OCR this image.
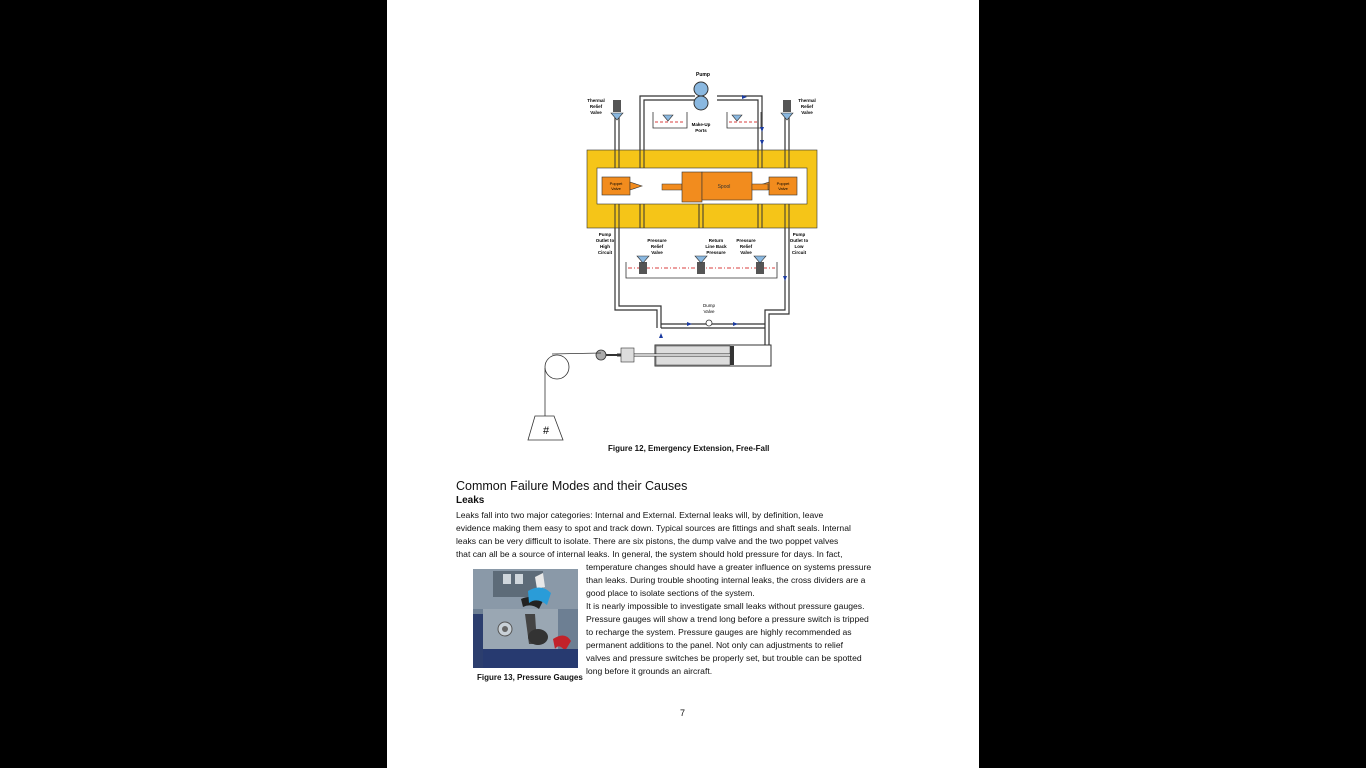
Pump
Make-Up
Ports
Thermal
Relief
Valve
Thermal
Relief
Valve
Poppet
Valve
Poppet
Valve
Spool
Pump
Outlet to
High
Circuit
Pressure
Relief
Valve
Return
Line Back
Pressure
Pressure
Relief
Valve
Pump
Outlet to
Low
Circuit
Dump
Valve
#
Figure 12, Emergency Extension, Free-Fall
Common Failure Modes and their Causes
Leaks
Leaks fall into two major categories: Internal and External. External leaks will, by definition, leave
evidence making them easy to spot and track down. Typical sources are fittings and shaft seals. Internal
leaks can be very difficult to isolate. There are six pistons, the dump valve and the two poppet valves
that can all be a source of internal leaks. In general, the system should hold pressure for days. In fact,
temperature changes should have a greater influence on systems pressure
than leaks. During trouble shooting internal leaks, the cross dividers are a
good place to isolate sections of the system.
It is nearly impossible to investigate small leaks without pressure gauges.
Pressure gauges will show a trend long before a pressure switch is tripped
to recharge the system. Pressure gauges are highly recommended as
permanent additions to the panel. Not only can adjustments to relief
valves and pressure switches be properly set, but trouble can be spotted
long before it grounds an aircraft.
Figure 13, Pressure Gauges
7
